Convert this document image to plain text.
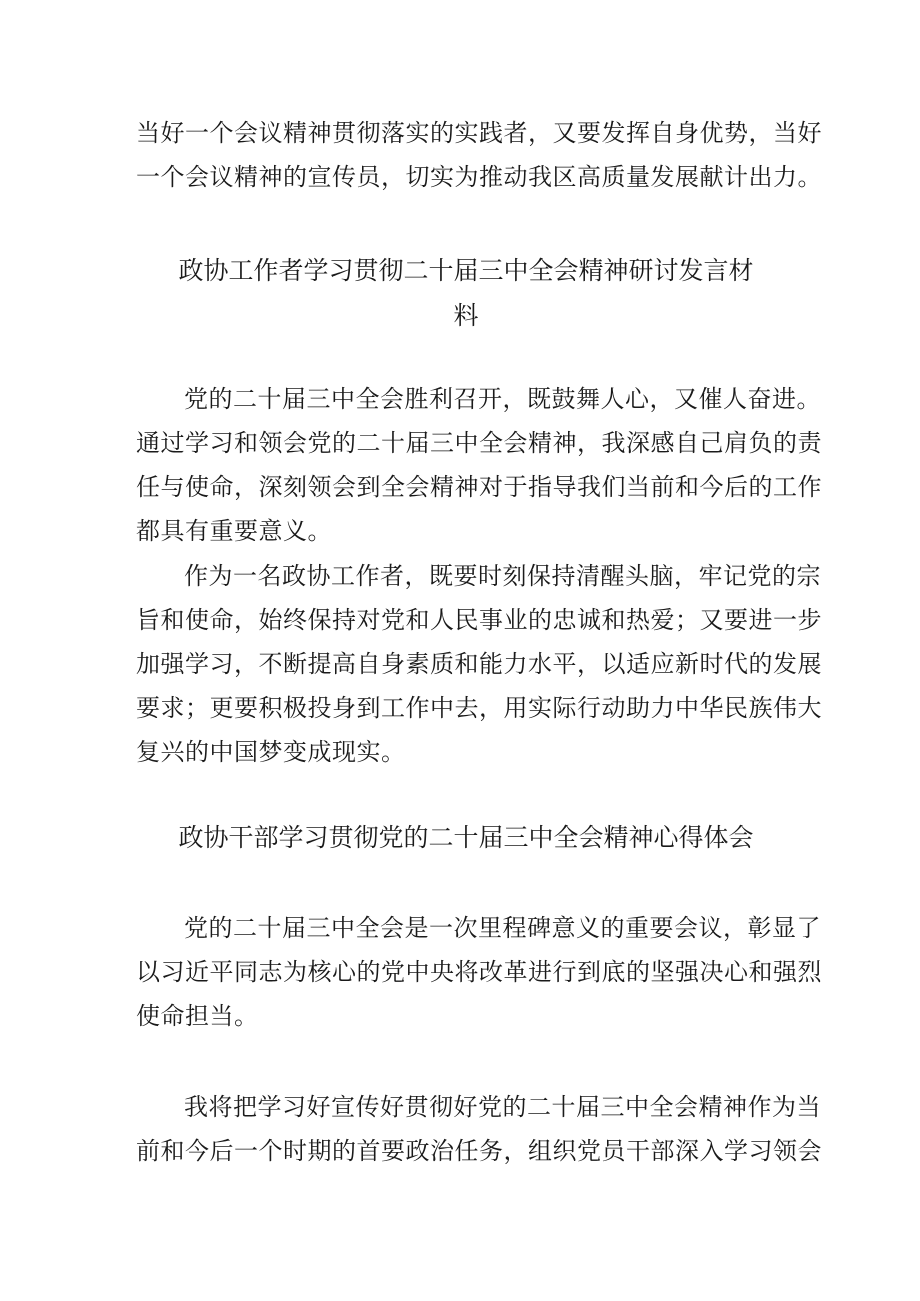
当好一个会议精神贯彻落实的实践者，又要发挥自身优势，当好
一个会议精神的宣传员，切实为推动我区高质量发展献计出力。
政协工作者学习贯彻二十届三中全会精神研讨发言材
料
党的二十届三中全会胜利召开，既鼓舞人心，又催人奋进。
通过学习和领会党的二十届三中全会精神，我深感自己肩负的责
任与使命，深刻领会到全会精神对于指导我们当前和今后的工作
都具有重要意义。
作为一名政协工作者，既要时刻保持清醒头脑，牢记党的宗
旨和使命，始终保持对党和人民事业的忠诚和热爱；又要进一步
加强学习，不断提高自身素质和能力水平，以适应新时代的发展
要求；更要积极投身到工作中去，用实际行动助力中华民族伟大
复兴的中国梦变成现实。
政协干部学习贯彻党的二十届三中全会精神心得体会
党的二十届三中全会是一次里程碑意义的重要会议，彰显了
以习近平同志为核心的党中央将改革进行到底的坚强决心和强烈
使命担当。
我将把学习好宣传好贯彻好党的二十届三中全会精神作为当
前和今后一个时期的首要政治任务，组织党员干部深入学习领会
